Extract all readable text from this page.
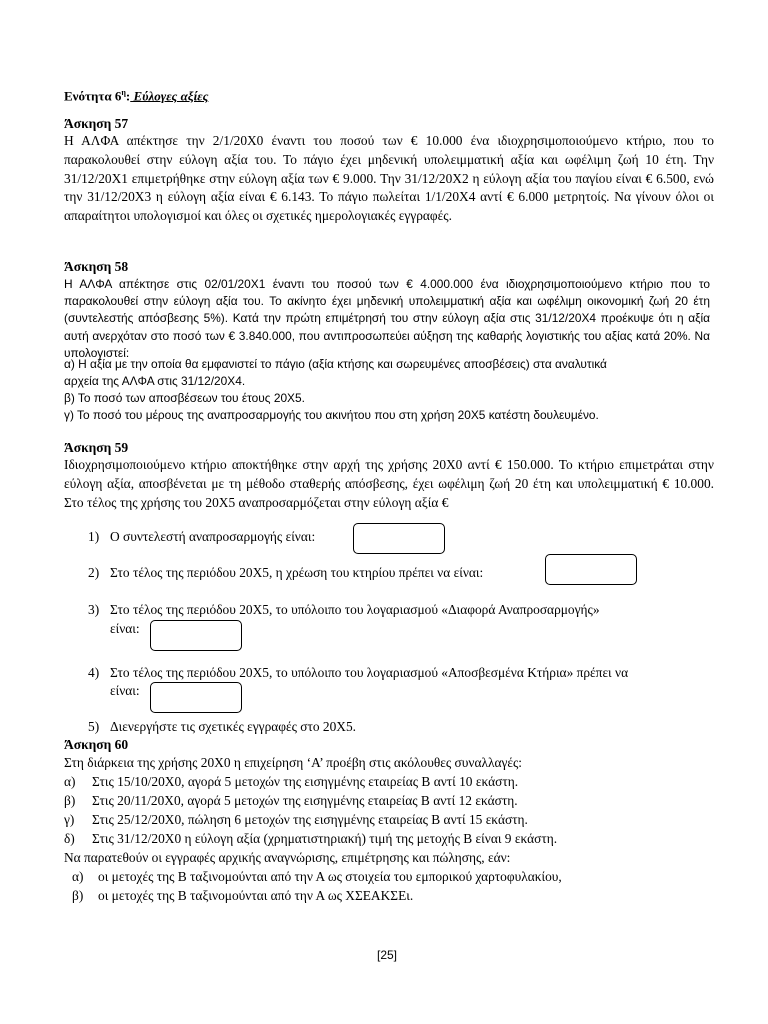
Ενότητα $6^\eta$: Εύλογες αξίες
Άσκηση 57
Η ΑΛΦΑ απέκτησε την 2/1/20Χ0 έναντι του ποσού των € 10.000 ένα ιδιοχρησιμοποιούμενο κτήριο, που το παρακολουθεί στην εύλογη αξία του. Το πάγιο έχει μηδενική υπολειμματική αξία και ωφέλιμη ζωή 10 έτη. Την 31/12/20Χ1 επιμετρήθηκε στην εύλογη αξία των € 9.000. Την 31/12/20Χ2 η εύλογη αξία του παγίου είναι € 6.500, ενώ την 31/12/20Χ3 η εύλογη αξία είναι € 6.143. Το πάγιο πωλείται 1/1/20Χ4 αντί € 6.000 μετρητοίς. Να γίνουν όλοι οι απαραίτητοι υπολογισμοί και όλες οι σχετικές ημερολογιακές εγγραφές.
Άσκηση 58
Η ΑΛΦΑ απέκτησε στις 02/01/20Χ1 έναντι του ποσού των € 4.000.000 ένα ιδιοχρησιμοποιούμενο κτήριο που το παρακολουθεί στην εύλογη αξία του. Το ακίνητο έχει μηδενική υπολειμματική αξία και ωφέλιμη οικονομική ζωή 20 έτη (συντελεστής απόσβεσης 5%). Κατά την πρώτη επιμέτρησή του στην εύλογη αξία στις 31/12/20Χ4 προέκυψε ότι η αξία αυτή ανερχόταν στο ποσό των € 3.840.000, που αντιπροσωπεύει αύξηση της καθαρής λογιστικής του αξίας κατά 20%. Να υπολογιστεί:
α) Η αξία με την οποία θα εμφανιστεί το πάγιο (αξία κτήσης και σωρευμένες αποσβέσεις) στα αναλυτικά
αρχεία της ΑΛΦΑ στις 31/12/20Χ4.
β) Το ποσό των αποσβέσεων του έτους 20Χ5.
γ) Το ποσό του μέρους της αναπροσαρμογής του ακινήτου που στη χρήση 20Χ5 κατέστη δουλευμένο.
Άσκηση 59
Ιδιοχρησιμοποιούμενο κτήριο αποκτήθηκε στην αρχή της χρήσης 20Χ0 αντί € 150.000. Το κτήριο επιμετράται στην εύλογη αξία, αποσβένεται με τη μέθοδο σταθερής απόσβεσης, έχει ωφέλιμη ζωή 20 έτη και υπολειμματική € 10.000. Στο τέλος της χρήσης του 20Χ5 αναπροσαρμόζεται στην εύλογη αξία €
1) Ο συντελεστή αναπροσαρμογής είναι:
2) Στο τέλος της περιόδου 20Χ5, η χρέωση του κτηρίου πρέπει να είναι:
3) Στο τέλος της περιόδου 20Χ5, το υπόλοιπο του λογαριασμού «Διαφορά Αναπροσαρμογής»
είναι:
4) Στο τέλος της περιόδου 20Χ5, το υπόλοιπο του λογαριασμού «Αποσβεσμένα Κτήρια» πρέπει να
είναι:
5) Διενεργήστε τις σχετικές εγγραφές στο 20Χ5.
Άσκηση 60
Στη διάρκεια της χρήσης 20Χ0 η επιχείρηση ‘Α’ προέβη στις ακόλουθες συναλλαγές:
α) Στις 15/10/20Χ0, αγορά 5 μετοχών της εισηγμένης εταιρείας Β αντί 10 εκάστη.
β) Στις 20/11/20Χ0, αγορά 5 μετοχών της εισηγμένης εταιρείας Β αντί 12 εκάστη.
γ) Στις 25/12/20Χ0, πώληση 6 μετοχών της εισηγμένης εταιρείας Β αντί 15 εκάστη.
δ) Στις 31/12/20Χ0 η εύλογη αξία (χρηματιστηριακή) τιμή της μετοχής Β είναι 9 εκάστη.
Να παρατεθούν οι εγγραφές αρχικής αναγνώρισης, επιμέτρησης και πώλησης, εάν:
α) οι μετοχές της Β ταξινομούνται από την Α ως στοιχεία του εμπορικού χαρτοφυλακίου,
β) οι μετοχές της Β ταξινομούνται από την Α ως ΧΣΕΑΚΣΕι.
[25]
